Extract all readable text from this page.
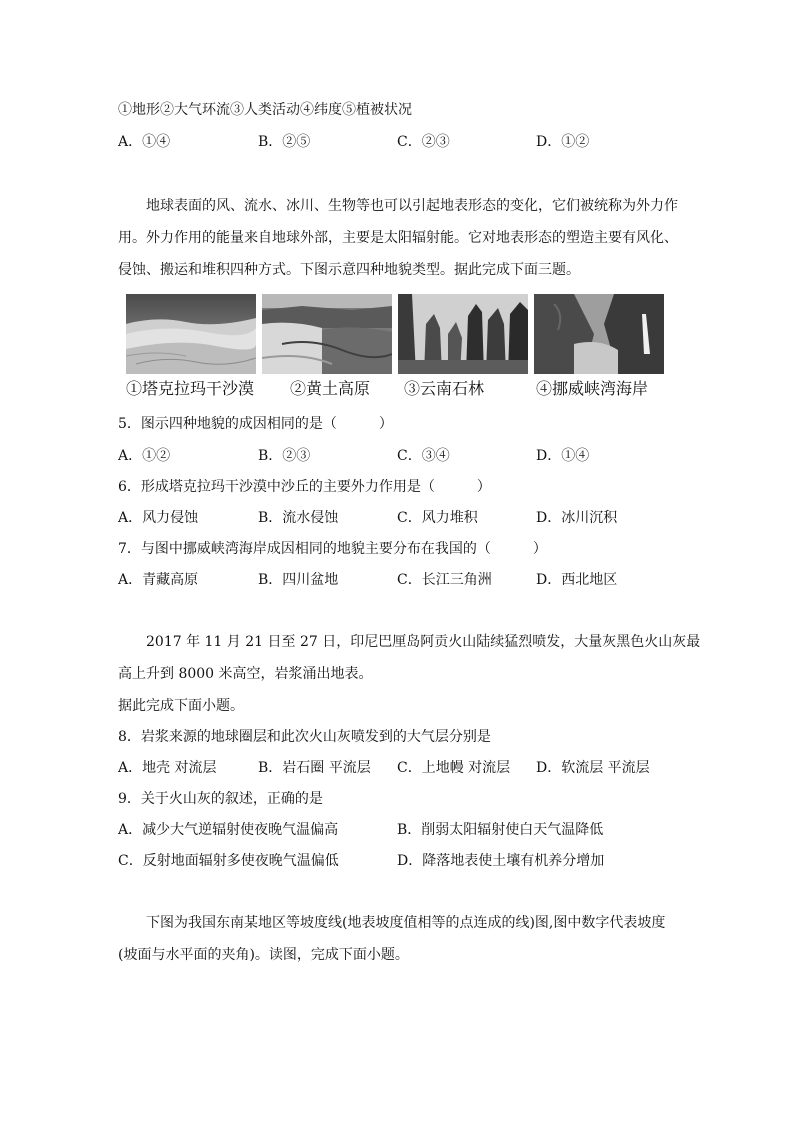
①地形②大气环流③人类活动④纬度⑤植被状况
A．①④	B．②⑤	C．②③	D．①②
地球表面的风、流水、冰川、生物等也可以引起地表形态的变化，它们被统称为外力作
用。外力作用的能量来自地球外部，主要是太阳辐射能。它对地表形态的塑造主要有风化、
侵蚀、搬运和堆积四种方式。下图示意四种地貌类型。据此完成下面三题。
①塔克拉玛干沙漠 ②黄土高原 ③云南石林	④挪威峡湾海岸
5．图示四种地貌的成因相同的是（　　　）
A．①②	B．②③	C．③④	D．①④
6．形成塔克拉玛干沙漠中沙丘的主要外力作用是（　　　）
A．风力侵蚀	B．流水侵蚀	C．风力堆积	D．冰川沉积
7．与图中挪威峡湾海岸成因相同的地貌主要分布在我国的（　　　）
A．青藏高原	B．四川盆地	C．长江三角洲	D．西北地区
2017 年 11 月 21 日至 27 日，印尼巴厘岛阿贡火山陆续猛烈喷发，大量灰黑色火山灰最
高上升到 8000 米高空，岩浆涌出地表。
据此完成下面小题。
8．岩浆来源的地球圈层和此次火山灰喷发到的大气层分别是
A．地壳 对流层	B．岩石圈 平流层 C．上地幔 对流层 D．软流层 平流层
9．关于火山灰的叙述，正确的是
A．减少大气逆辐射使夜晚气温偏高	B．削弱太阳辐射使白天气温降低
C．反射地面辐射多使夜晚气温偏低	D．降落地表使土壤有机养分增加
下图为我国东南某地区等坡度线(地表坡度值相等的点连成的线)图,图中数字代表坡度
(坡面与水平面的夹角)。读图，完成下面小题。
